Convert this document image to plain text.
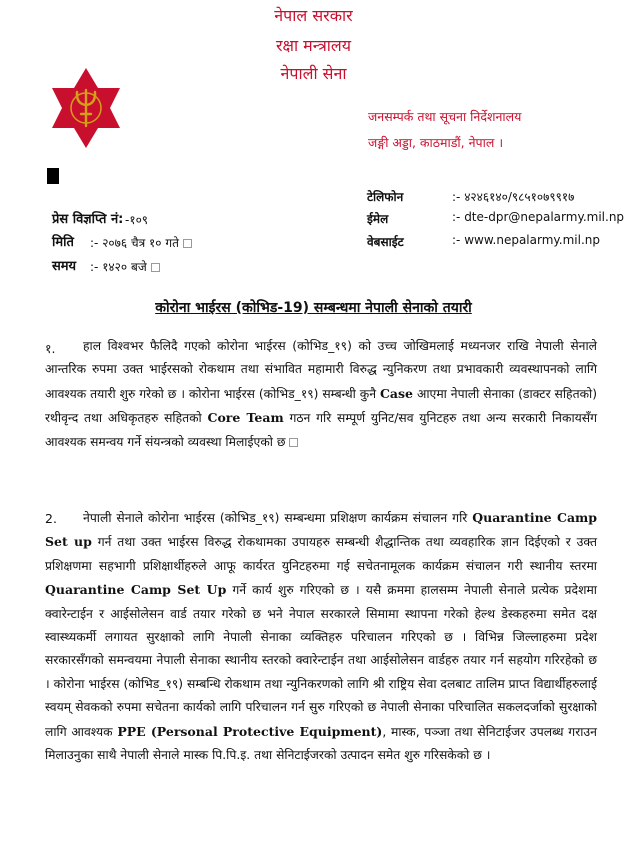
नेपाल सरकार
रक्षा मन्त्रालय
नेपाली सेना
जनसम्पर्क तथा सूचना निर्देशनालय
जङ्गी अड्डा, काठमाडौं, नेपाल ।
प्रेस विज्ञप्ति नं: -१०९
मिति :- २०७६ चैत्र १० गते
समय :- १४२० बजे
टेलिफोन	:- ४२४६१४०/९८५१०७९९१७
ईमेल	:- dte-dpr@nepalarmy.mil.np
वेबसाईट	:- www.nepalarmy.mil.np
कोरोना भाईरस (कोभिड-19) सम्बन्धमा नेपाली सेनाको तयारी
१.	हाल विश्वभर फैलिदै गएको कोरोना भाईरस (कोभिड_१९) को उच्च जोखिमलाई मध्यनजर राखि नेपाली सेनाले आन्तरिक रुपमा उक्त भाईरसको रोकथाम तथा संभावित महामारी विरुद्ध न्युनिकरण तथा प्रभावकारी व्यवस्थापनको लागि आवश्यक तयारी शुरु गरेको छ । कोरोना भाईरस (कोभिड_१९) सम्बन्धी कुनै Case आएमा नेपाली सेनाका (डाक्टर सहितको) रथीवृन्द तथा अधिकृतहरु सहितको Core Team गठन गरि सम्पूर्ण युनिट/सव युनिटहरु तथा अन्य सरकारी निकायसँग आवश्यक समन्वय गर्ने संयन्त्रको व्यवस्था मिलाईएको छ

2.	नेपाली सेनाले कोरोना भाईरस (कोभिड_१९) सम्बन्धमा प्रशिक्षण कार्यक्रम संचालन गरि Quarantine Camp Set up गर्न तथा उक्त भाईरस विरुद्ध रोकथामका उपायहरु सम्बन्धी शैद्धान्तिक तथा व्यवहारिक ज्ञान दिईएको र उक्त प्रशिक्षणमा सहभागी प्रशिक्षार्थीहरुले आफू कार्यरत युनिटहरुमा गई सचेतनामूलक कार्यक्रम संचालन गरी स्थानीय स्तरमा Quarantine Camp Set Up गर्ने कार्य शुरु गरिएको छ । यसै क्रममा हालसम्म नेपाली सेनाले प्रत्येक प्रदेशमा क्वारेन्टाईन र आईसोलेसन वार्ड तयार गरेको छ भने नेपाल सरकारले सिमामा स्थापना गरेको हेल्थ डेस्कहरुमा समेत दक्ष स्वास्थ्यकर्मी लगायत सुरक्षाको लागि नेपाली सेनाका व्यक्तिहरु परिचालन गरिएको छ । विभिन्न जिल्लाहरुमा प्रदेश सरकारसँगको समन्वयमा नेपाली सेनाका स्थानीय स्तरको क्वारेन्टाईन तथा आईसोलेसन वार्डहरु तयार गर्न सहयोग गरिरहेको छ । कोरोना भाईरस (कोभिड_१९) सम्बन्धि रोकथाम तथा न्युनिकरणको लागि श्री राष्ट्रिय सेवा दलबाट तालिम प्राप्त विद्यार्थीहरुलाई स्वयम् सेवकको रुपमा सचेतना कार्यको लागि परिचालन गर्न सुरु गरिएको छ नेपाली सेनाका परिचालित सकलदर्जाको सुरक्षाको लागि आवश्यक PPE (Personal Protective Equipment), मास्क, पञ्जा तथा सेनिटाईजर उपलब्ध गराउन मिलाउनुका साथै नेपाली सेनाले मास्क पि.पि.इ. तथा सेनिटाईजरको उत्पादन समेत शुरु गरिसकेको छ ।
